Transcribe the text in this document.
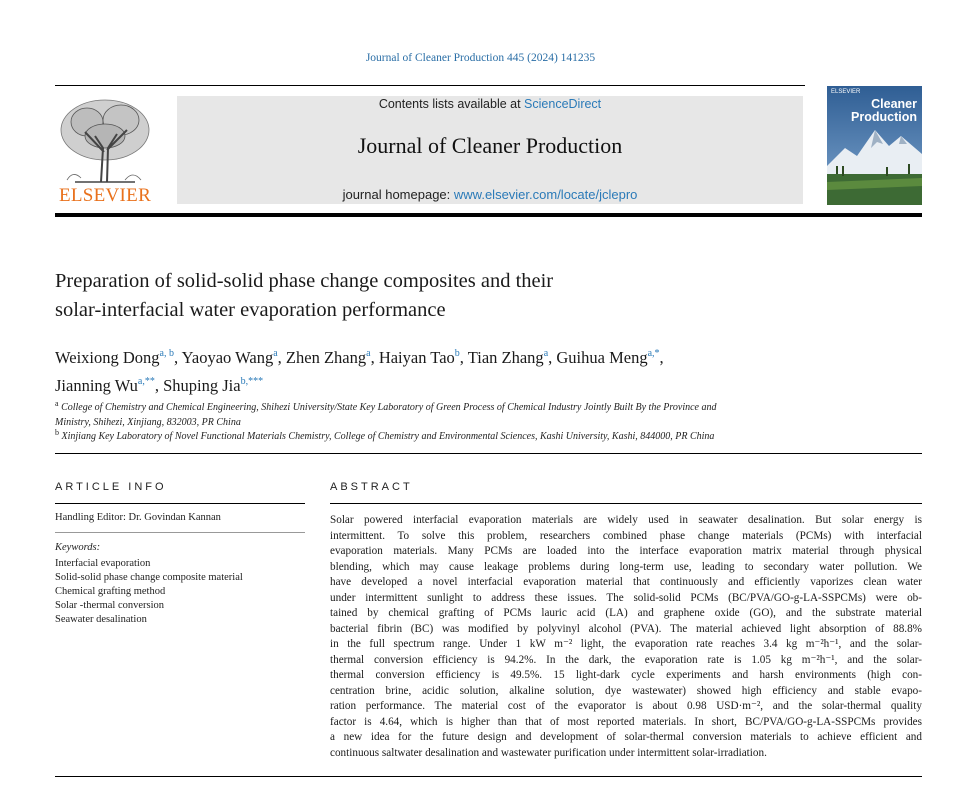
Journal of Cleaner Production 445 (2024) 141235
ELSEVIER
Contents lists available at ScienceDirect
Journal of Cleaner Production
journal homepage: www.elsevier.com/locate/jclepro
ELSEVIER
Cleaner
Production
Preparation of solid-solid phase change composites and their
solar-interfacial water evaporation performance
Weixiong Dong$^{a, b}$, Yaoyao Wang$^a$, Zhen Zhang$^a$, Haiyan Tao$^b$, Tian Zhang$^a$, Guihua Meng$^{a,*}$,
Jianning $Wu^{a,**}$, Shuping Jia$^{b,***}$
$^a$ College of Chemistry and Chemical Engineering, Shihezi University/State Key Laboratory of Green Process of Chemical Industry Jointly Built By the Province and
Ministry, Shihezi, Xinjiang, 832003, PR China
$^b$ Xinjiang Key Laboratory of Novel Functional Materials Chemistry, College of Chemistry and Environmental Sciences, Kashi University, Kashi, 844000, PR China
ARTICLE INFO
Handling Editor: Dr. Govindan Kannan
Keywords:
Interfacial evaporation
Solid-solid phase change composite material
Chemical grafting method
Solar -thermal conversion
Seawater desalination
ABSTRACT
Solar powered interfacial evaporation materials are widely used in seawater desalination. But solar energy is
intermittent. To solve this problem, researchers combined phase change materials (PCMs) with interfacial
evaporation materials. Many PCMs are loaded into the interface evaporation matrix material through physical
blending, which may cause leakage problems during long-term use, leading to secondary water pollution. We
have developed a novel interfacial evaporation material that continuously and efficiently vaporizes clean water
under intermittent sunlight to address these issues. The solid-solid PCMs (BC/PVA/GO-g-LA-SSPCMs) were ob-
tained by chemical grafting of PCMs lauric acid (LA) and graphene oxide (GO), and the substrate material
bacterial fibrin (BC) was modified by polyvinyl alcohol (PVA). The material achieved light absorption of 88.8%
in the full spectrum range. Under 1 kW m⁻² light, the evaporation rate reaches 3.4 kg m⁻²h⁻¹, and the solar-
thermal conversion efficiency is 94.2%. In the dark, the evaporation rate is 1.05 kg m⁻²h⁻¹, and the solar-
thermal conversion efficiency is 49.5%. 15 light-dark cycle experiments and harsh environments (high con-
centration brine, acidic solution, alkaline solution, dye wastewater) showed high efficiency and stable evapo-
ration performance. The material cost of the evaporator is about 0.98 USD·m⁻², and the solar-thermal quality
factor is 4.64, which is higher than that of most reported materials. In short, BC/PVA/GO-g-LA-SSPCMs provides
a new idea for the future design and development of solar-thermal conversion materials to achieve efficient and
continuous saltwater desalination and wastewater purification under intermittent solar-irradiation.
